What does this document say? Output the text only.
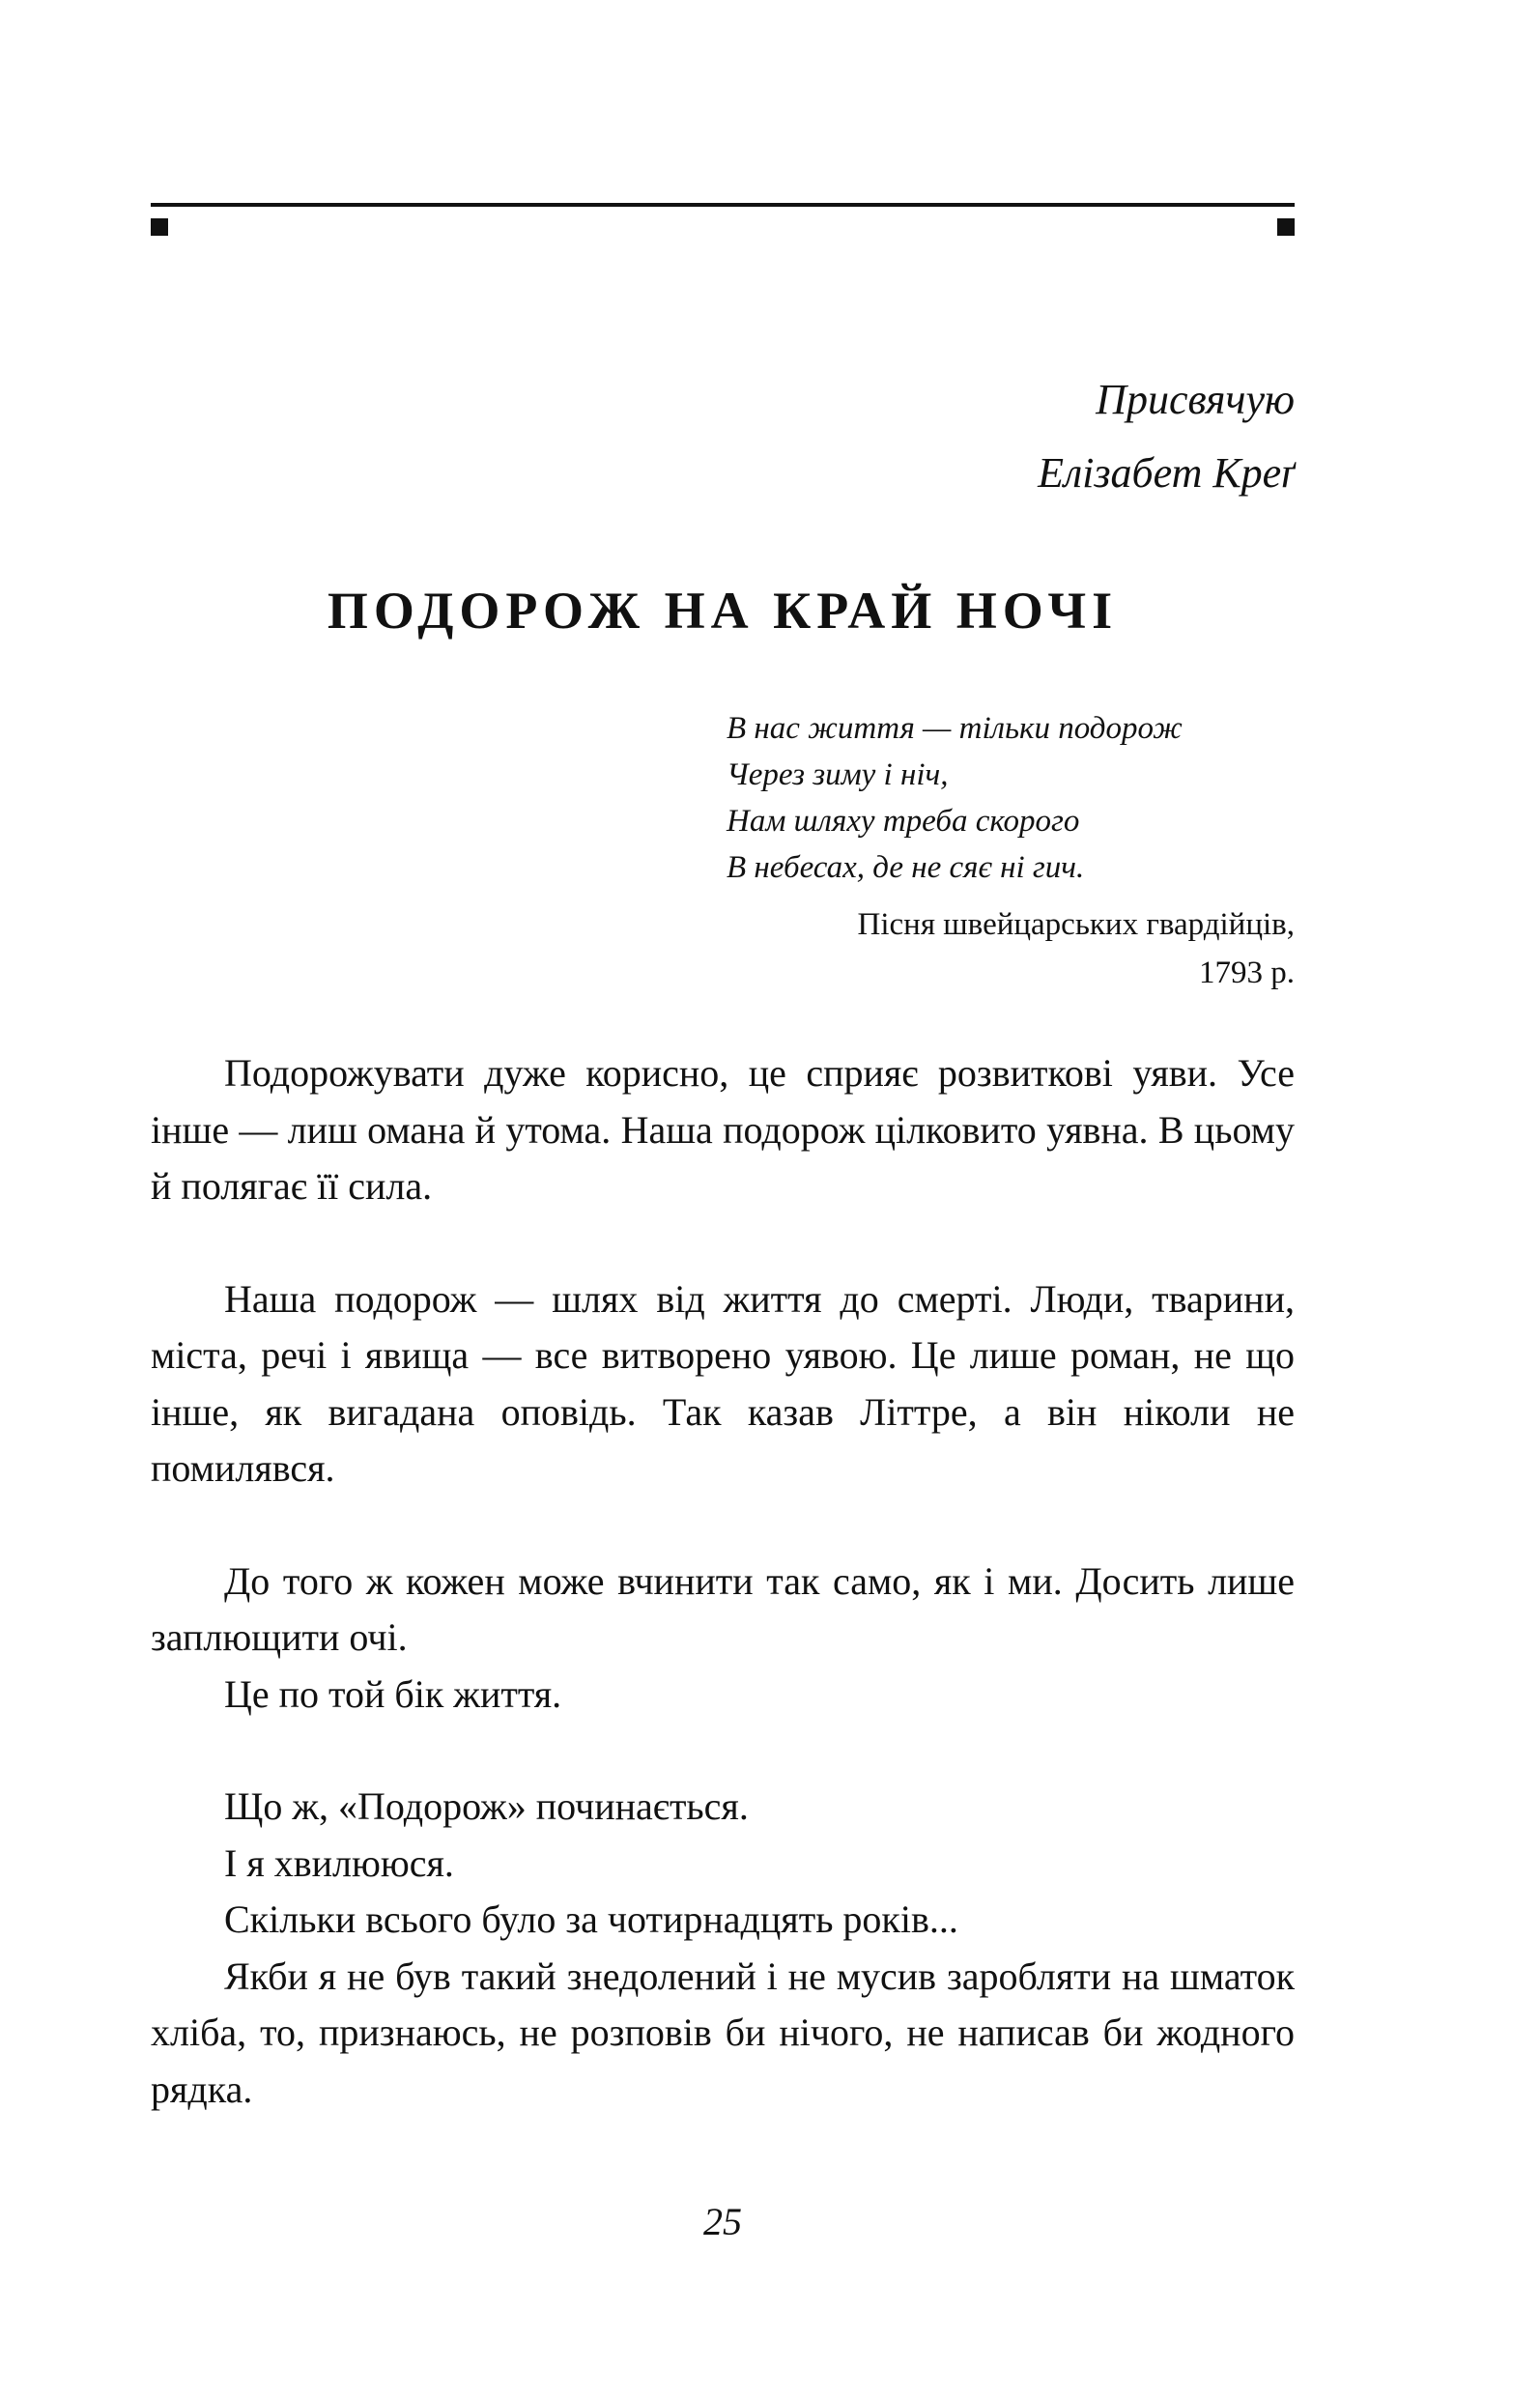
Присвячую
Елізабет Креґ
ПОДОРОЖ НА КРАЙ НОЧІ
В нас життя — тільки подорож
Через зиму і ніч,
Нам шляху треба скорого
В небесах, де не сяє ні гич.
Пісня швейцарських гвардійців,
1793 р.

Подорожувати дуже корисно, це сприяє розвиткові уяви. Усе інше — лиш омана й утома. Наша подорож цілковито уявна. В цьому й полягає її сила.

Наша подорож — шлях від життя до смерті. Люди, тварини, міста, речі і явища — все витворено уявою. Це лише роман, не що інше, як вигадана оповідь. Так казав Літтре, а він ніколи не помилявся.

До того ж кожен може вчинити так само, як і ми. Досить лише заплющити очі.

Це по той бік життя.

Що ж, «Подорож» починається.

І я хвилююся.

Скільки всього було за чотирнадцять років...

Якби я не був такий знедолений і не мусив заробляти на шматок хліба, то, признаюсь, не розповів би нічого, не написав би жодного рядка.

25
